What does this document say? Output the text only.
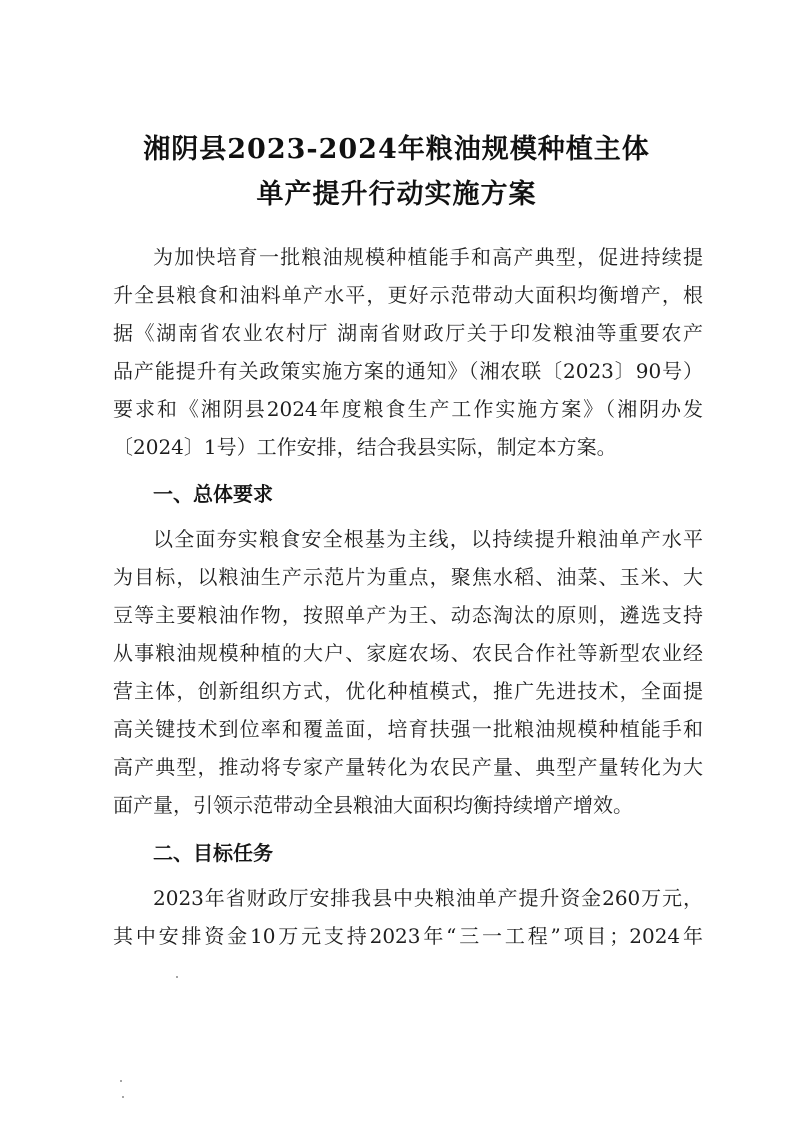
湘阴县2023-2024年粮油规模种植主体
单产提升行动实施方案
为加快培育一批粮油规模种植能手和高产典型，促进持续提
升全县粮食和油料单产水平，更好示范带动大面积均衡增产，根
据《湖南省农业农村厅 湖南省财政厅关于印发粮油等重要农产
品产能提升有关政策实施方案的通知》（湘农联〔2023〕90号）
要求和《湘阴县2024年度粮食生产工作实施方案》（湘阴办发
〔2024〕1号）工作安排，结合我县实际，制定本方案。
一、总体要求
以全面夯实粮食安全根基为主线，以持续提升粮油单产水平
为目标，以粮油生产示范片为重点，聚焦水稻、油菜、玉米、大
豆等主要粮油作物，按照单产为王、动态淘汰的原则，遴选支持
从事粮油规模种植的大户、家庭农场、农民合作社等新型农业经
营主体，创新组织方式，优化种植模式，推广先进技术，全面提
高关键技术到位率和覆盖面，培育扶强一批粮油规模种植能手和
高产典型，推动将专家产量转化为农民产量、典型产量转化为大
面产量，引领示范带动全县粮油大面积均衡持续增产增效。
二、目标任务
2023年省财政厅安排我县中央粮油单产提升资金260万元，
其中安排资金10万元支持2023年“三一工程”项目；2024年
